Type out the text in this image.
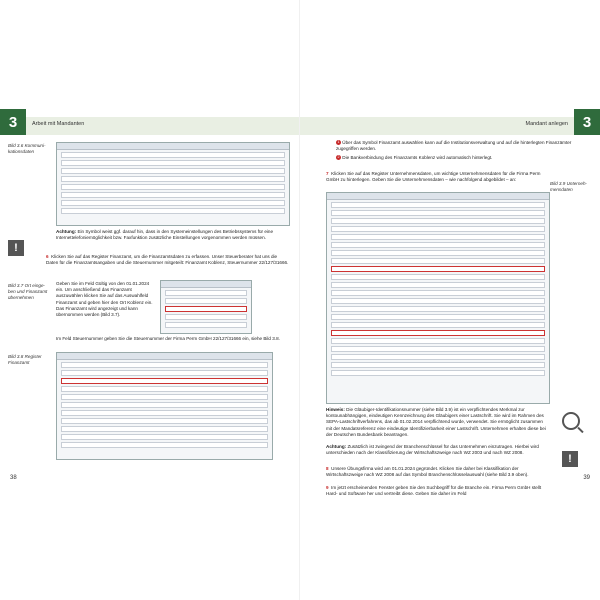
3	Arbeit mit Mandanten
Bild 3.6 Kommuni-kationsdaten
!
Achtung: Ein Symbol weist ggf. darauf hin, dass in den Systemeinstellungen des Betriebssystems für eine Internettelefoniemöglichkeit bzw. Faxfunktion zusätzliche Einstellungen vorgenommen werden müssen.
6 Klicken Sie auf das Register Finanzamt, um die Finanzamtsdaten zu erfassen. Unser Steuerberater hat uns die Daten für die Finanzamtsangaben und die Steuernummer mitgeteilt: Finanzamt Koblenz, Steuernummer 22/127/31666.
Bild 3.7 Ort einge-ben und Finanzamt übernehmen
Geben Sie im Feld Gültig von den 01.01.2024 ein. Um anschließend das Finanzamt auszuwählen klicken Sie auf das Auswahlfeld Finanzamt und geben hier den Ort Koblenz ein. Das Finanzamt wird angezeigt und kann übernommen werden (Bild 3.7).
Im Feld Steuernummer geben Sie die Steuernummer der Firma Perm GmbH 22/127/31666 ein, siehe Bild 3.8.
Bild 3.8 Register Finanzamt
38
3
Mandant anlegen
1 Über das Symbol Finanzamt auswählen kann auf die Institutionsverwaltung und auf die hinterlegten Finanzämter zugegriffen werden.
2 Die Bankverbindung des Finanzamts Koblenz wird automatisch hinterlegt.
7 Klicken Sie auf das Register Unternehmensdaten, um wichtige Unternehmensdaten für die Firma Perm GmbH zu hinterlegen. Geben Sie die Unternehmensdaten – wie nachfolgend abgebildet – an:
Bild 3.9 Unterneh-mensdaten
Hinweis: Die Gläubiger-Identifikationsnummer (siehe Bild 3.9) ist ein verpflichtendes Merkmal zur kontounabhängigen, eindeutigen Kennzeichnung des Gläubigers einer Lastschrift. Sie wird im Rahmen des SEPA-Lastschriftverfahrens, das ab 01.02.2014 verpflichtend wurde, verwendet. Sie ermöglicht zusammen mit der Mandatsreferenz eine eindeutige Identifizierbarkeit einer Lastschrift. Unternehmen erhalten diese bei der Deutschen Bundesbank beantragen.
Achtung: Zusätzlich ist zwingend der Branchenschlüssel für das Unternehmen einzutragen. Hierbei wird unterschieden nach der Klassifizierung der Wirtschaftszweige nach WZ 2003 und nach WZ 2008.
!
8 Unsere Übungsfirma wird am 01.01.2024 gegründet. Klicken Sie daher bei Klassifikation der Wirtschaftszweige nach WZ 2008 auf das Symbol Branchenschlüsselauswahl (siehe Bild 3.9 oben).
9 Im jetzt erscheinenden Fenster geben Sie den Suchbegriff für die Branche ein. Firma Perm GmbH stellt Hard- und Software her und vertreibt diese. Geben Sie daher im Feld
39
